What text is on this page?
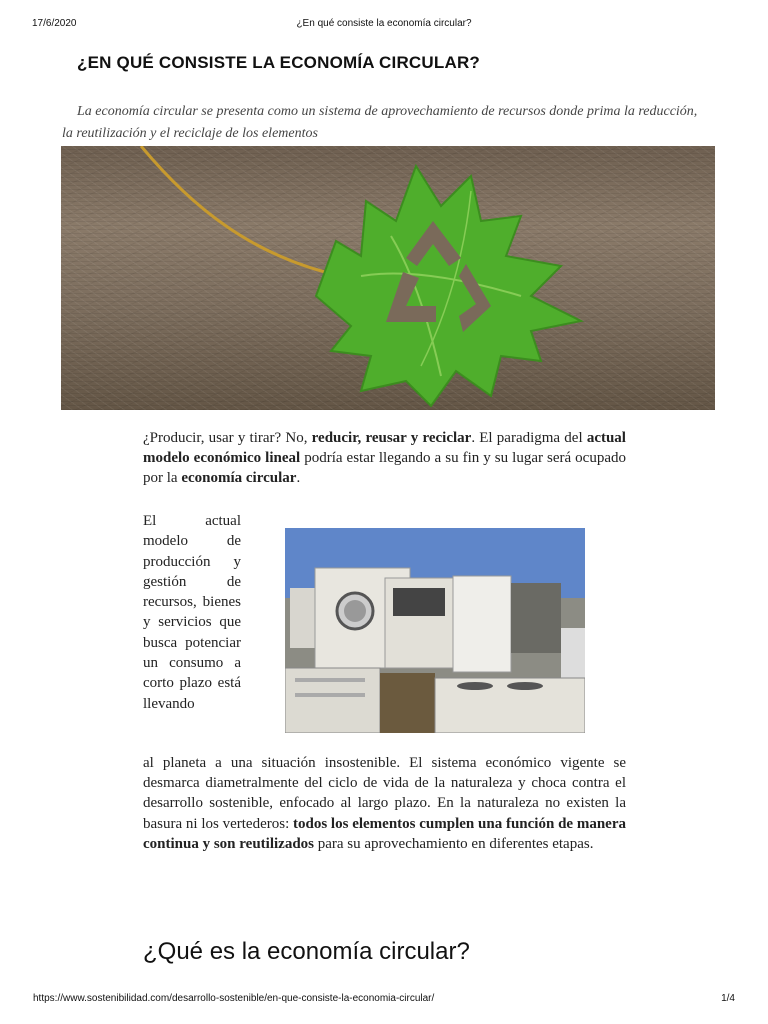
17/6/2020	¿En qué consiste la economía circular?
¿EN QUÉ CONSISTE LA ECONOMÍA CIRCULAR?

La economía circular se presenta como un sistema de aprovechamiento de recursos donde prima la reducción, la reutilización y el reciclaje de los elementos

¿Producir, usar y tirar? No, reducir, reusar y reciclar. El paradigma del actual modelo económico lineal podría estar llegando a su fin y su lugar será ocupado por la economía circular.

El actual modelo de producción y gestión de recursos, bienes y servicios que busca potenciar un consumo a corto plazo está llevando

al planeta a una situación insostenible. El sistema económico vigente se desmarca diametralmente del ciclo de vida de la naturaleza y choca contra el desarrollo sostenible, enfocado al largo plazo. En la naturaleza no existen la basura ni los vertederos: todos los elementos cumplen una función de manera continua y son reutilizados para su aprovechamiento en diferentes etapas.

¿Qué es la economía circular?
https://www.sostenibilidad.com/desarrollo-sostenible/en-que-consiste-la-economia-circular/	1/4
